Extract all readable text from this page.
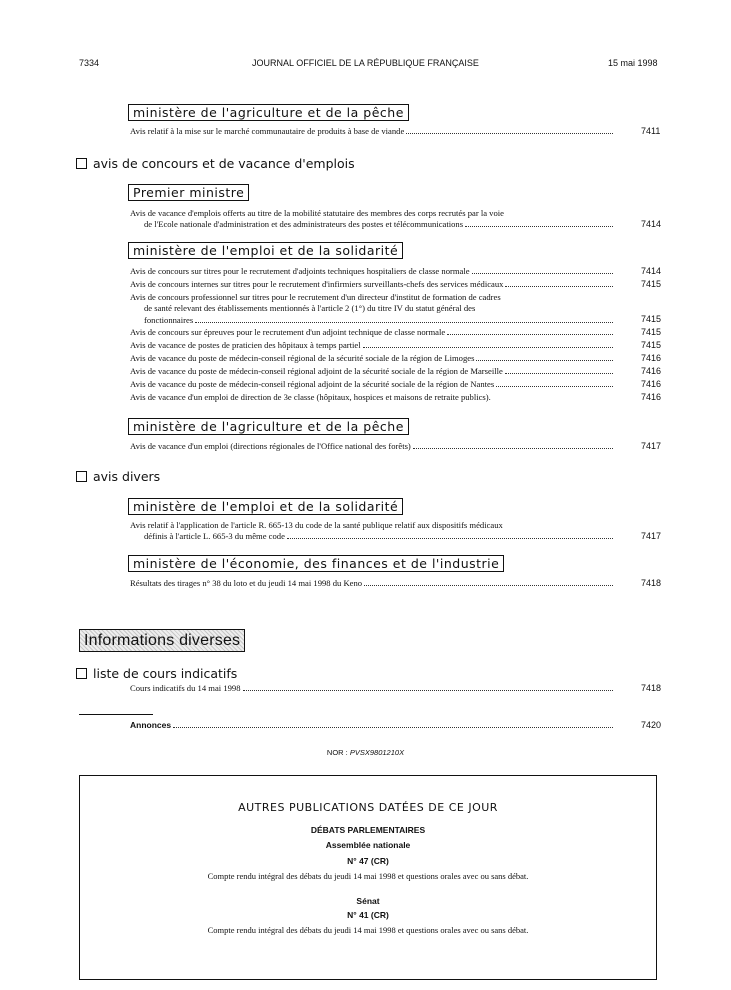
7334	JOURNAL OFFICIEL DE LA RÉPUBLIQUE FRANÇAISE	15 mai 1998
ministère de l'agriculture et de la pêche
Avis relatif à la mise sur le marché communautaire de produits à base de viande	7411
avis de concours et de vacance d'emplois
Premier ministre
Avis de vacance d'emplois offerts au titre de la mobilité statutaire des membres des corps recrutés par la voie
de l'Ecole nationale d'administration et des administrateurs des postes et télécommunications	7414
ministère de l'emploi et de la solidarité
Avis de concours sur titres pour le recrutement d'adjoints techniques hospitaliers de classe normale	7414
Avis de concours internes sur titres pour le recrutement d'infirmiers surveillants-chefs des services médicaux	7415
Avis de concours professionnel sur titres pour le recrutement d'un directeur d'institut de formation de cadres
de santé relevant des établissements mentionnés à l'article 2 (1°) du titre IV du statut général des
fonctionnaires	7415
Avis de concours sur épreuves pour le recrutement d'un adjoint technique de classe normale	7415
Avis de vacance de postes de praticien des hôpitaux à temps partiel	7415
Avis de vacance du poste de médecin-conseil régional de la sécurité sociale de la région de Limoges	7416
Avis de vacance du poste de médecin-conseil régional adjoint de la sécurité sociale de la région de Marseille	7416
Avis de vacance du poste de médecin-conseil régional adjoint de la sécurité sociale de la région de Nantes	7416
Avis de vacance d'un emploi de direction de 3e classe (hôpitaux, hospices et maisons de retraite publics).	7416
ministère de l'agriculture et de la pêche
Avis de vacance d'un emploi (directions régionales de l'Office national des forêts)	7417
avis divers
ministère de l'emploi et de la solidarité
Avis relatif à l'application de l'article R. 665-13 du code de la santé publique relatif aux dispositifs médicaux
définis à l'article L. 665-3 du même code	7417
ministère de l'économie, des finances et de l'industrie
Résultats des tirages n° 38 du loto et du jeudi 14 mai 1998 du Keno	7418
Informations diverses
liste de cours indicatifs
Cours indicatifs du 14 mai 1998	7418
Annonces	7420
NOR : PVSX9801210X
AUTRES PUBLICATIONS DATÉES DE CE JOUR
DÉBATS PARLEMENTAIRES
Assemblée nationale
N° 47 (CR)
Compte rendu intégral des débats du jeudi 14 mai 1998 et questions orales avec ou sans débat.
Sénat
N° 41 (CR)
Compte rendu intégral des débats du jeudi 14 mai 1998 et questions orales avec ou sans débat.
